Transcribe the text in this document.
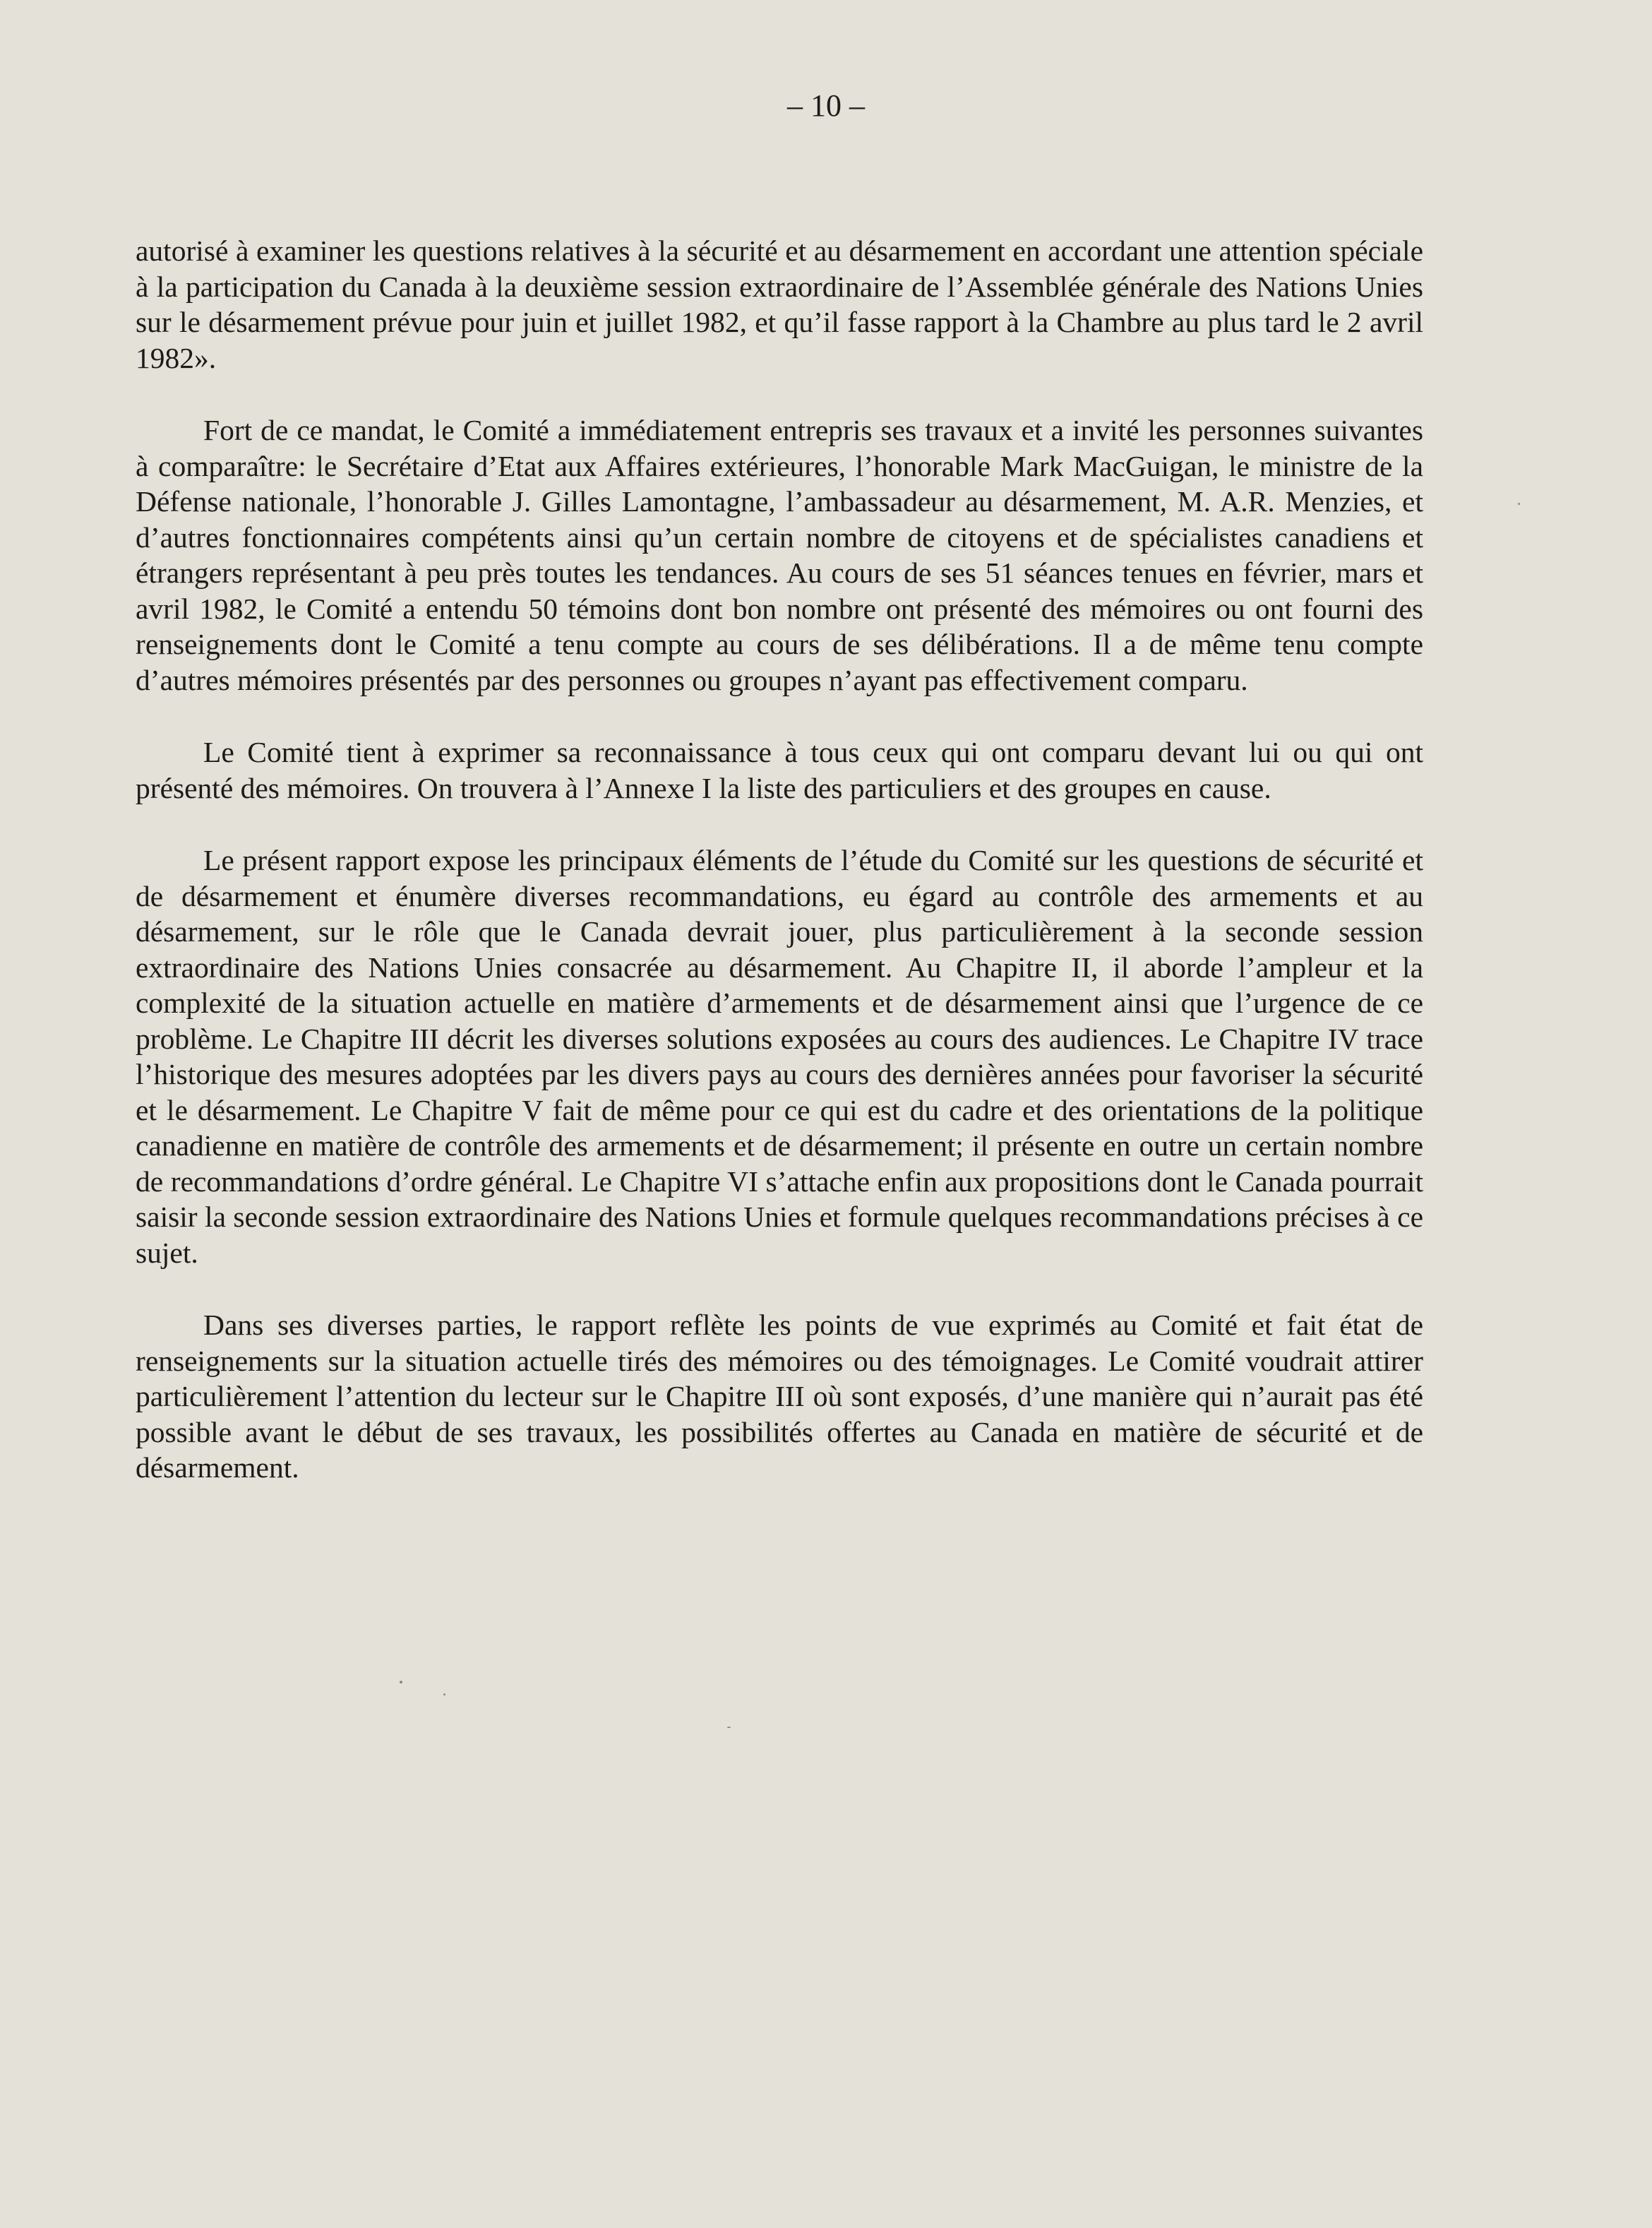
– 10 –

autorisé à examiner les questions relatives à la sécurité et au désarmement en accordant une attention spéciale à la participation du Canada à la deuxième session extraordinaire de l’Assemblée générale des Nations Unies sur le désarmement prévue pour juin et juillet 1982, et qu’il fasse rapport à la Chambre au plus tard le 2 avril 1982».

Fort de ce mandat, le Comité a immédiatement entrepris ses travaux et a invité les personnes suivantes à comparaître: le Secrétaire d’Etat aux Affaires extérieures, l’honorable Mark MacGuigan, le ministre de la Défense nationale, l’honorable J. Gilles Lamontagne, l’ambassadeur au désarmement, M. A.R. Menzies, et d’autres fonctionnaires compétents ainsi qu’un certain nombre de citoyens et de spécialistes canadiens et étrangers représentant à peu près toutes les tendances. Au cours de ses 51 séances tenues en février, mars et avril 1982, le Comité a entendu 50 témoins dont bon nombre ont présenté des mémoires ou ont fourni des renseignements dont le Comité a tenu compte au cours de ses délibérations. Il a de même tenu compte d’autres mémoires présentés par des personnes ou groupes n’ayant pas effectivement comparu.

Le Comité tient à exprimer sa reconnaissance à tous ceux qui ont comparu devant lui ou qui ont présenté des mémoires. On trouvera à l’Annexe I la liste des particuliers et des groupes en cause.

Le présent rapport expose les principaux éléments de l’étude du Comité sur les questions de sécurité et de désarmement et énumère diverses recommandations, eu égard au contrôle des armements et au désarmement, sur le rôle que le Canada devrait jouer, plus particulièrement à la seconde session extraordinaire des Nations Unies consacrée au désarmement. Au Chapitre II, il aborde l’ampleur et la complexité de la situation actuelle en matière d’armements et de désarmement ainsi que l’urgence de ce problème. Le Chapitre III décrit les diverses solutions exposées au cours des audiences. Le Chapitre IV trace l’historique des mesures adoptées par les divers pays au cours des dernières années pour favoriser la sécurité et le désarmement. Le Chapitre V fait de même pour ce qui est du cadre et des orientations de la politique canadienne en matière de contrôle des armements et de désarmement; il présente en outre un certain nombre de recommandations d’ordre général. Le Chapitre VI s’attache enfin aux propositions dont le Canada pourrait saisir la seconde session extraordinaire des Nations Unies et formule quelques recommandations précises à ce sujet.

Dans ses diverses parties, le rapport reflète les points de vue exprimés au Comité et fait état de renseignements sur la situation actuelle tirés des mémoires ou des témoignages. Le Comité voudrait attirer particulièrement l’attention du lecteur sur le Chapitre III où sont exposés, d’une manière qui n’aurait pas été possible avant le début de ses travaux, les possibilités offertes au Canada en matière de sécurité et de désarmement.
